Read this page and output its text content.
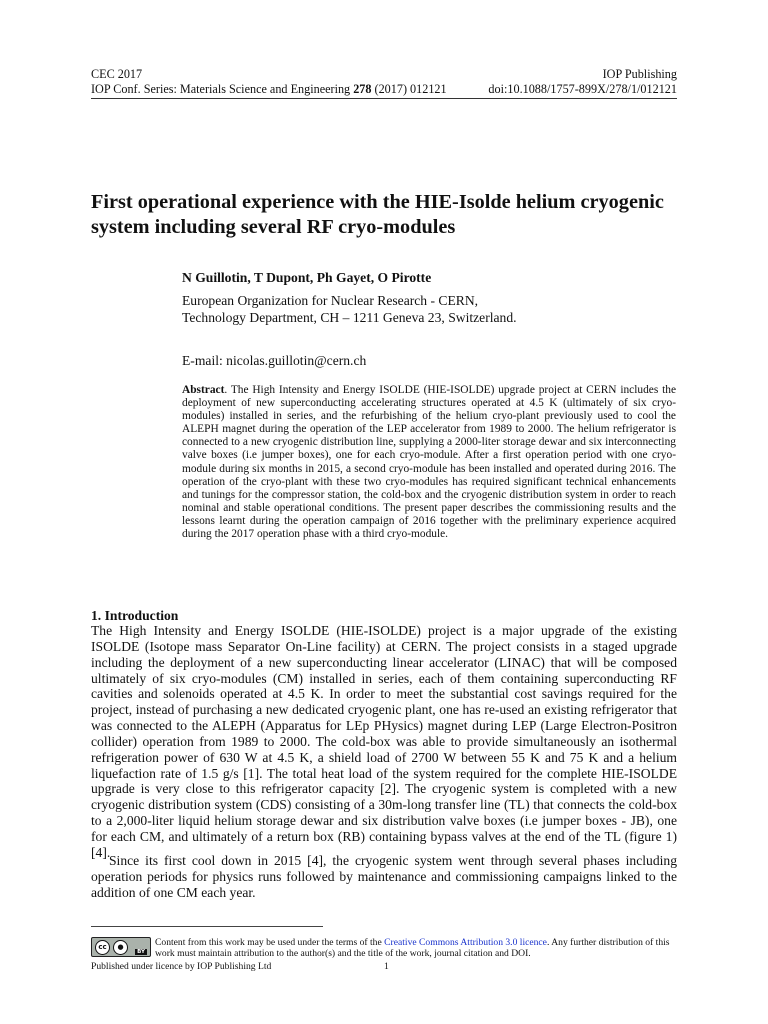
CEC 2017	IOP Publishing
IOP Conf. Series: Materials Science and Engineering 278 (2017) 012121	doi:10.1088/1757-899X/278/1/012121
First operational experience with the HIE-Isolde helium cryogenic system including several RF cryo-modules
N Guillotin, T Dupont, Ph Gayet, O Pirotte
European Organization for Nuclear Research - CERN,
Technology Department, CH – 1211 Geneva 23, Switzerland.
E-mail: nicolas.guillotin@cern.ch

Abstract. The High Intensity and Energy ISOLDE (HIE-ISOLDE) upgrade project at CERN includes the deployment of new superconducting accelerating structures operated at 4.5 K (ultimately of six cryo-modules) installed in series, and the refurbishing of the helium cryo-plant previously used to cool the ALEPH magnet during the operation of the LEP accelerator from 1989 to 2000. The helium refrigerator is connected to a new cryogenic distribution line, supplying a 2000-liter storage dewar and six interconnecting valve boxes (i.e jumper boxes), one for each cryo-module. After a first operation period with one cryo-module during six months in 2015, a second cryo-module has been installed and operated during 2016. The operation of the cryo-plant with these two cryo-modules has required significant technical enhancements and tunings for the compressor station, the cold-box and the cryogenic distribution system in order to reach nominal and stable operational conditions. The present paper describes the commissioning results and the lessons learnt during the operation campaign of 2016 together with the preliminary experience acquired during the 2017 operation phase with a third cryo-module.

1. Introduction

The High Intensity and Energy ISOLDE (HIE-ISOLDE) project is a major upgrade of the existing ISOLDE (Isotope mass Separator On-Line facility) at CERN. The project consists in a staged upgrade including the deployment of a new superconducting linear accelerator (LINAC) that will be composed ultimately of six cryo-modules (CM) installed in series, each of them containing superconducting RF cavities and solenoids operated at 4.5 K. In order to meet the substantial cost savings required for the project, instead of purchasing a new dedicated cryogenic plant, one has re-used an existing refrigerator that was connected to the ALEPH (Apparatus for LEp PHysics) magnet during LEP (Large Electron-Positron collider) operation from 1989 to 2000. The cold-box was able to provide simultaneously an isothermal refrigeration power of 630 W at 4.5 K, a shield load of 2700 W between 55 K and 75 K and a helium liquefaction rate of 1.5 g/s [1]. The total heat load of the system required for the complete HIE-ISOLDE upgrade is very close to this refrigerator capacity [2]. The cryogenic system is completed with a new cryogenic distribution system (CDS) consisting of a 30m-long transfer line (TL) that connects the cold-box to a 2,000-liter liquid helium storage dewar and six distribution valve boxes (i.e jumper boxes - JB), one for each CM, and ultimately of a return box (RB) containing bypass valves at the end of the TL (figure 1) [4].

Since its first cool down in 2015 [4], the cryogenic system went through several phases including operation periods for physics runs followed by maintenance and commissioning campaigns linked to the addition of one CM each year.

cc	●
BY

Content from this work may be used under the terms of the Creative Commons Attribution 3.0 licence. Any further distribution of this work must maintain attribution to the author(s) and the title of the work, journal citation and DOI.

Published under licence by IOP Publishing Ltd	1
